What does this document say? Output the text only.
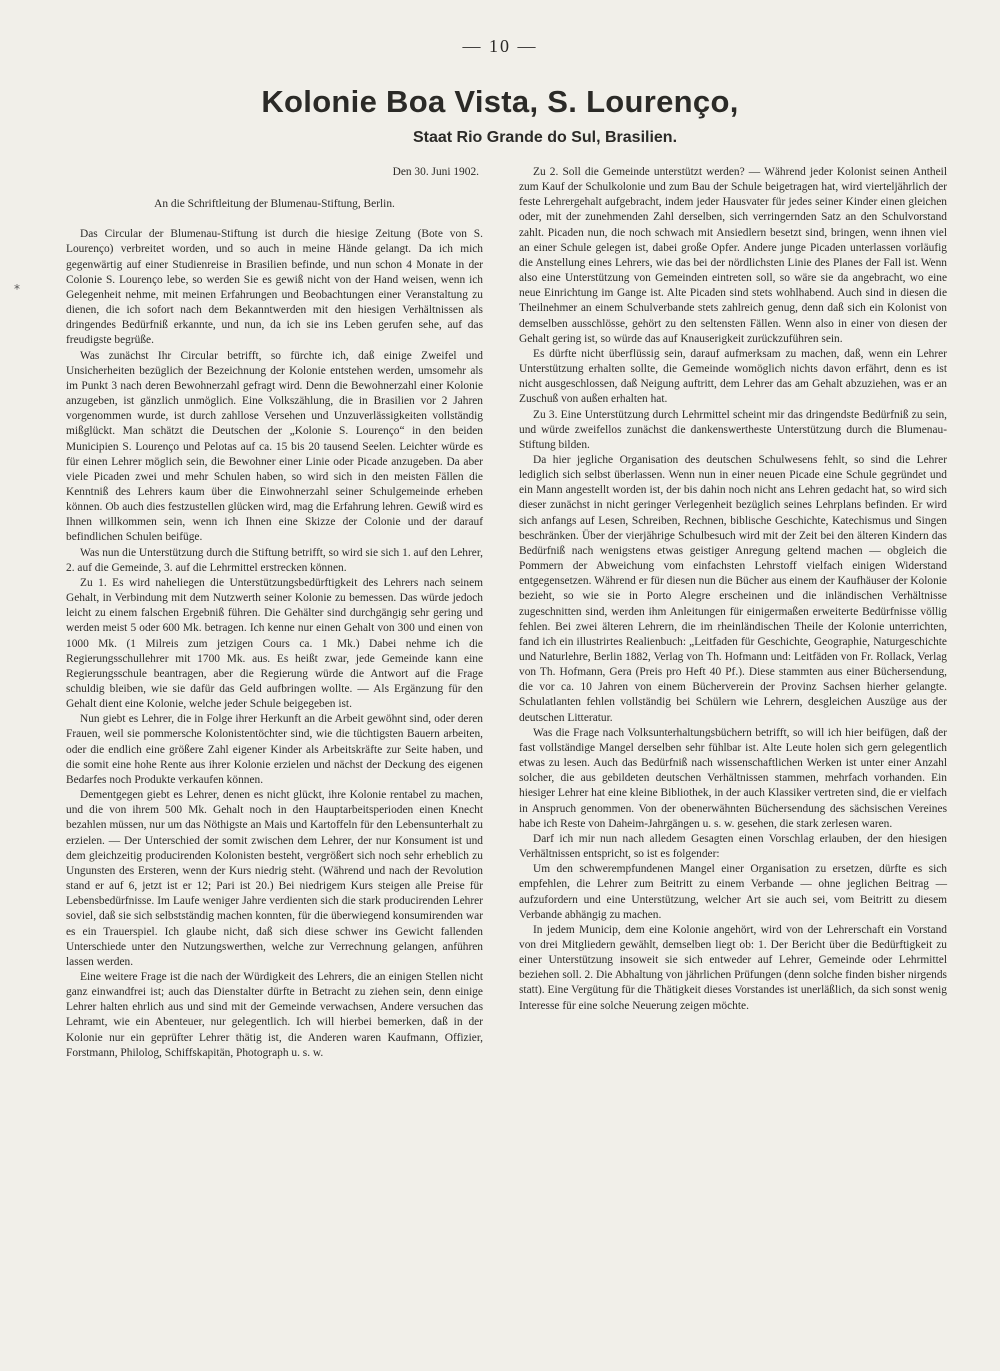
— 10 —
Kolonie Boa Vista, S. Lourenço,
Staat Rio Grande do Sul, Brasilien.
*

Den 30. Juni 1902.

An die Schriftleitung der Blumenau-Stiftung, Berlin.

Das Circular der Blumenau-Stiftung ist durch die hiesige Zeitung (Bote von S. Lourenço) verbreitet worden, und so auch in meine Hände gelangt. Da ich mich gegenwärtig auf einer Studienreise in Brasilien befinde, und nun schon 4 Monate in der Colonie S. Lourenço lebe, so werden Sie es gewiß nicht von der Hand weisen, wenn ich Gelegenheit nehme, mit meinen Erfahrungen und Beobachtungen einer Veranstaltung zu dienen, die ich sofort nach dem Bekanntwerden mit den hiesigen Verhältnissen als dringendes Bedürfniß erkannte, und nun, da ich sie ins Leben gerufen sehe, auf das freudigste begrüße.

Was zunächst Ihr Circular betrifft, so fürchte ich, daß einige Zweifel und Unsicherheiten bezüglich der Bezeichnung der Kolonie entstehen werden, umsomehr als im Punkt 3 nach deren Bewohnerzahl gefragt wird. Denn die Bewohnerzahl einer Kolonie anzugeben, ist gänzlich unmöglich. Eine Volkszählung, die in Brasilien vor 2 Jahren vorgenommen wurde, ist durch zahllose Versehen und Unzuverlässigkeiten vollständig mißglückt. Man schätzt die Deutschen der „Kolonie S. Lourenço“ in den beiden Municipien S. Lourenço und Pelotas auf ca. 15 bis 20 tausend Seelen. Leichter würde es für einen Lehrer möglich sein, die Bewohner einer Linie oder Picade anzugeben. Da aber viele Picaden zwei und mehr Schulen haben, so wird sich in den meisten Fällen die Kenntniß des Lehrers kaum über die Einwohnerzahl seiner Schulgemeinde erheben können. Ob auch dies festzustellen glücken wird, mag die Erfahrung lehren. Gewiß wird es Ihnen willkommen sein, wenn ich Ihnen eine Skizze der Colonie und der darauf befindlichen Schulen beifüge.

Was nun die Unterstützung durch die Stiftung betrifft, so wird sie sich 1. auf den Lehrer, 2. auf die Gemeinde, 3. auf die Lehrmittel erstrecken können.

Zu 1. Es wird naheliegen die Unterstützungsbedürftigkeit des Lehrers nach seinem Gehalt, in Verbindung mit dem Nutzwerth seiner Kolonie zu bemessen. Das würde jedoch leicht zu einem falschen Ergebniß führen. Die Gehälter sind durchgängig sehr gering und werden meist 5 oder 600 Mk. betragen. Ich kenne nur einen Gehalt von 300 und einen von 1000 Mk. (1 Milreis zum jetzigen Cours ca. 1 Mk.) Dabei nehme ich die Regierungsschullehrer mit 1700 Mk. aus. Es heißt zwar, jede Gemeinde kann eine Regierungsschule beantragen, aber die Regierung würde die Antwort auf die Frage schuldig bleiben, wie sie dafür das Geld aufbringen wollte. — Als Ergänzung für den Gehalt dient eine Kolonie, welche jeder Schule beigegeben ist.

Nun giebt es Lehrer, die in Folge ihrer Herkunft an die Arbeit gewöhnt sind, oder deren Frauen, weil sie pommersche Kolonistentöchter sind, wie die tüchtigsten Bauern arbeiten, oder die endlich eine größere Zahl eigener Kinder als Arbeitskräfte zur Seite haben, und die somit eine hohe Rente aus ihrer Kolonie erzielen und nächst der Deckung des eigenen Bedarfes noch Produkte verkaufen können.

Dementgegen giebt es Lehrer, denen es nicht glückt, ihre Kolonie rentabel zu machen, und die von ihrem 500 Mk. Gehalt noch in den Hauptarbeitsperioden einen Knecht bezahlen müssen, nur um das Nöthigste an Mais und Kartoffeln für den Lebensunterhalt zu erzielen. — Der Unterschied der somit zwischen dem Lehrer, der nur Konsument ist und dem gleichzeitig producirenden Kolonisten besteht, vergrößert sich noch sehr erheblich zu Ungunsten des Ersteren, wenn der Kurs niedrig steht. (Während und nach der Revolution stand er auf 6, jetzt ist er 12; Pari ist 20.) Bei niedrigem Kurs steigen alle Preise für Lebensbedürfnisse. Im Laufe weniger Jahre verdienten sich die stark producirenden Lehrer soviel, daß sie sich selbstständig machen konnten, für die überwiegend konsumirenden war es ein Trauerspiel. Ich glaube nicht, daß sich diese schwer ins Gewicht fallenden Unterschiede unter den Nutzungswerthen, welche zur Verrechnung gelangen, anführen lassen werden.

Eine weitere Frage ist die nach der Würdigkeit des Lehrers, die an einigen Stellen nicht ganz einwandfrei ist; auch das Dienstalter dürfte in Betracht zu ziehen sein, denn einige Lehrer halten ehrlich aus und sind mit der Gemeinde verwachsen, Andere versuchen das Lehramt, wie ein Abenteuer, nur gelegentlich. Ich will hierbei bemerken, daß in der Kolonie nur ein geprüfter Lehrer thätig ist, die Anderen waren Kaufmann, Offizier, Forstmann, Philolog, Schiffskapitän, Photograph u. s. w.

Zu 2. Soll die Gemeinde unterstützt werden? — Während jeder Kolonist seinen Antheil zum Kauf der Schulkolonie und zum Bau der Schule beigetragen hat, wird vierteljährlich der feste Lehrergehalt aufgebracht, indem jeder Hausvater für jedes seiner Kinder einen gleichen oder, mit der zunehmenden Zahl derselben, sich verringernden Satz an den Schulvorstand zahlt. Picaden nun, die noch schwach mit Ansiedlern besetzt sind, bringen, wenn ihnen viel an einer Schule gelegen ist, dabei große Opfer. Andere junge Picaden unterlassen vorläufig die Anstellung eines Lehrers, wie das bei der nördlichsten Linie des Planes der Fall ist. Wenn also eine Unterstützung von Gemeinden eintreten soll, so wäre sie da angebracht, wo eine neue Einrichtung im Gange ist. Alte Picaden sind stets wohlhabend. Auch sind in diesen die Theilnehmer an einem Schulverbande stets zahlreich genug, denn daß sich ein Kolonist von demselben ausschlösse, gehört zu den seltensten Fällen. Wenn also in einer von diesen der Gehalt gering ist, so würde das auf Knauserigkeit zurückzuführen sein.

Es dürfte nicht überflüssig sein, darauf aufmerksam zu machen, daß, wenn ein Lehrer Unterstützung erhalten sollte, die Gemeinde womöglich nichts davon erfährt, denn es ist nicht ausgeschlossen, daß Neigung auftritt, dem Lehrer das am Gehalt abzuziehen, was er an Zuschuß von außen erhalten hat.

Zu 3. Eine Unterstützung durch Lehrmittel scheint mir das dringendste Bedürfniß zu sein, und würde zweifellos zunächst die dankenswertheste Unterstützung durch die Blumenau-Stiftung bilden.

Da hier jegliche Organisation des deutschen Schulwesens fehlt, so sind die Lehrer lediglich sich selbst überlassen. Wenn nun in einer neuen Picade eine Schule gegründet und ein Mann angestellt worden ist, der bis dahin noch nicht ans Lehren gedacht hat, so wird sich dieser zunächst in nicht geringer Verlegenheit bezüglich seines Lehrplans befinden. Er wird sich anfangs auf Lesen, Schreiben, Rechnen, biblische Geschichte, Katechismus und Singen beschränken. Über der vierjährige Schulbesuch wird mit der Zeit bei den älteren Kindern das Bedürfniß nach wenigstens etwas geistiger Anregung geltend machen — obgleich die Pommern der Abweichung vom einfachsten Lehrstoff vielfach einigen Widerstand entgegensetzen. Während er für diesen nun die Bücher aus einem der Kaufhäuser der Kolonie bezieht, so wie sie in Porto Alegre erscheinen und die inländischen Verhältnisse zugeschnitten sind, werden ihm Anleitungen für einigermaßen erweiterte Bedürfnisse völlig fehlen. Bei zwei älteren Lehrern, die im rheinländischen Theile der Kolonie unterrichten, fand ich ein illustrirtes Realienbuch: „Leitfaden für Geschichte, Geographie, Naturgeschichte und Naturlehre, Berlin 1882, Verlag von Th. Hofmann und: Leitfäden von Fr. Rollack, Verlag von Th. Hofmann, Gera (Preis pro Heft 40 Pf.). Diese stammten aus einer Büchersendung, die vor ca. 10 Jahren von einem Bücherverein der Provinz Sachsen hierher gelangte. Schulatlanten fehlen vollständig bei Schülern wie Lehrern, desgleichen Auszüge aus der deutschen Litteratur.

Was die Frage nach Volksunterhaltungsbüchern betrifft, so will ich hier beifügen, daß der fast vollständige Mangel derselben sehr fühlbar ist. Alte Leute holen sich gern gelegentlich etwas zu lesen. Auch das Bedürfniß nach wissenschaftlichen Werken ist unter einer Anzahl solcher, die aus gebildeten deutschen Verhältnissen stammen, mehrfach vorhanden. Ein hiesiger Lehrer hat eine kleine Bibliothek, in der auch Klassiker vertreten sind, die er vielfach in Anspruch genommen. Von der obenerwähnten Büchersendung des sächsischen Vereines habe ich Reste von Daheim-Jahrgängen u. s. w. gesehen, die stark zerlesen waren.

Darf ich mir nun nach alledem Gesagten einen Vorschlag erlauben, der den hiesigen Verhältnissen entspricht, so ist es folgender:

Um den schwerempfundenen Mangel einer Organisation zu ersetzen, dürfte es sich empfehlen, die Lehrer zum Beitritt zu einem Verbande — ohne jeglichen Beitrag — aufzufordern und eine Unterstützung, welcher Art sie auch sei, vom Beitritt zu diesem Verbande abhängig zu machen.

In jedem Municip, dem eine Kolonie angehört, wird von der Lehrerschaft ein Vorstand von drei Mitgliedern gewählt, demselben liegt ob: 1. Der Bericht über die Bedürftigkeit zu einer Unterstützung insoweit sie sich entweder auf Lehrer, Gemeinde oder Lehrmittel beziehen soll. 2. Die Abhaltung von jährlichen Prüfungen (denn solche finden bisher nirgends statt). Eine Vergütung für die Thätigkeit dieses Vorstandes ist unerläßlich, da sich sonst wenig Interesse für eine solche Neuerung zeigen möchte.
